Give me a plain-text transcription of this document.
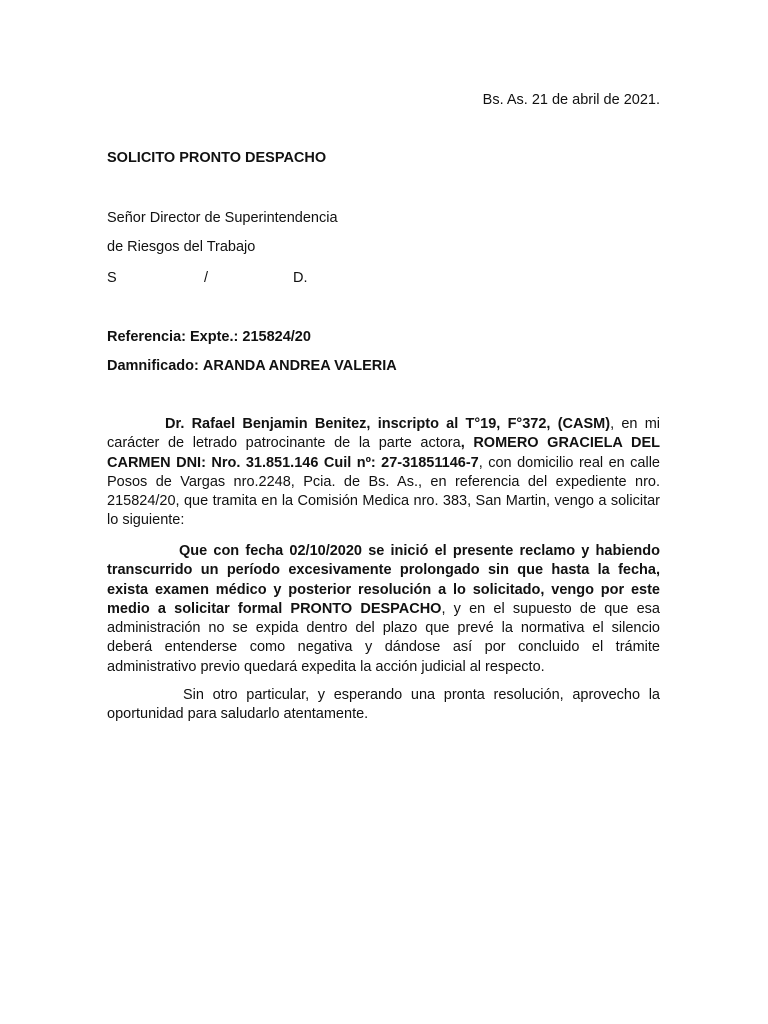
Bs. As. 21 de abril de 2021.
SOLICITO PRONTO DESPACHO
Señor Director de Superintendencia
de Riesgos del Trabajo
S	/	D.
Referencia: Expte.: 215824/20
Damnificado: ARANDA ANDREA VALERIA
Dr. Rafael Benjamin Benitez, inscripto al T°19, F°372, (CASM), en mi carácter de letrado patrocinante de la parte actora, ROMERO GRACIELA DEL CARMEN DNI: Nro. 31.851.146 Cuil nº: 27-31851146-7, con domicilio real en calle Posos de Vargas nro.2248, Pcia. de Bs. As., en referencia del expediente nro. 215824/20, que tramita en la Comisión Medica nro. 383, San Martin, vengo a solicitar lo siguiente:
Que con fecha 02/10/2020 se inició el presente reclamo y habiendo transcurrido un período excesivamente prolongado sin que hasta la fecha, exista examen médico y posterior resolución a lo solicitado, vengo por este medio a solicitar formal PRONTO DESPACHO, y en el supuesto de que esa administración no se expida dentro del plazo que prevé la normativa el silencio deberá entenderse como negativa y dándose así por concluido el trámite administrativo previo quedará expedita la acción judicial al respecto.
Sin otro particular, y esperando una pronta resolución, aprovecho la oportunidad para saludarlo atentamente.
